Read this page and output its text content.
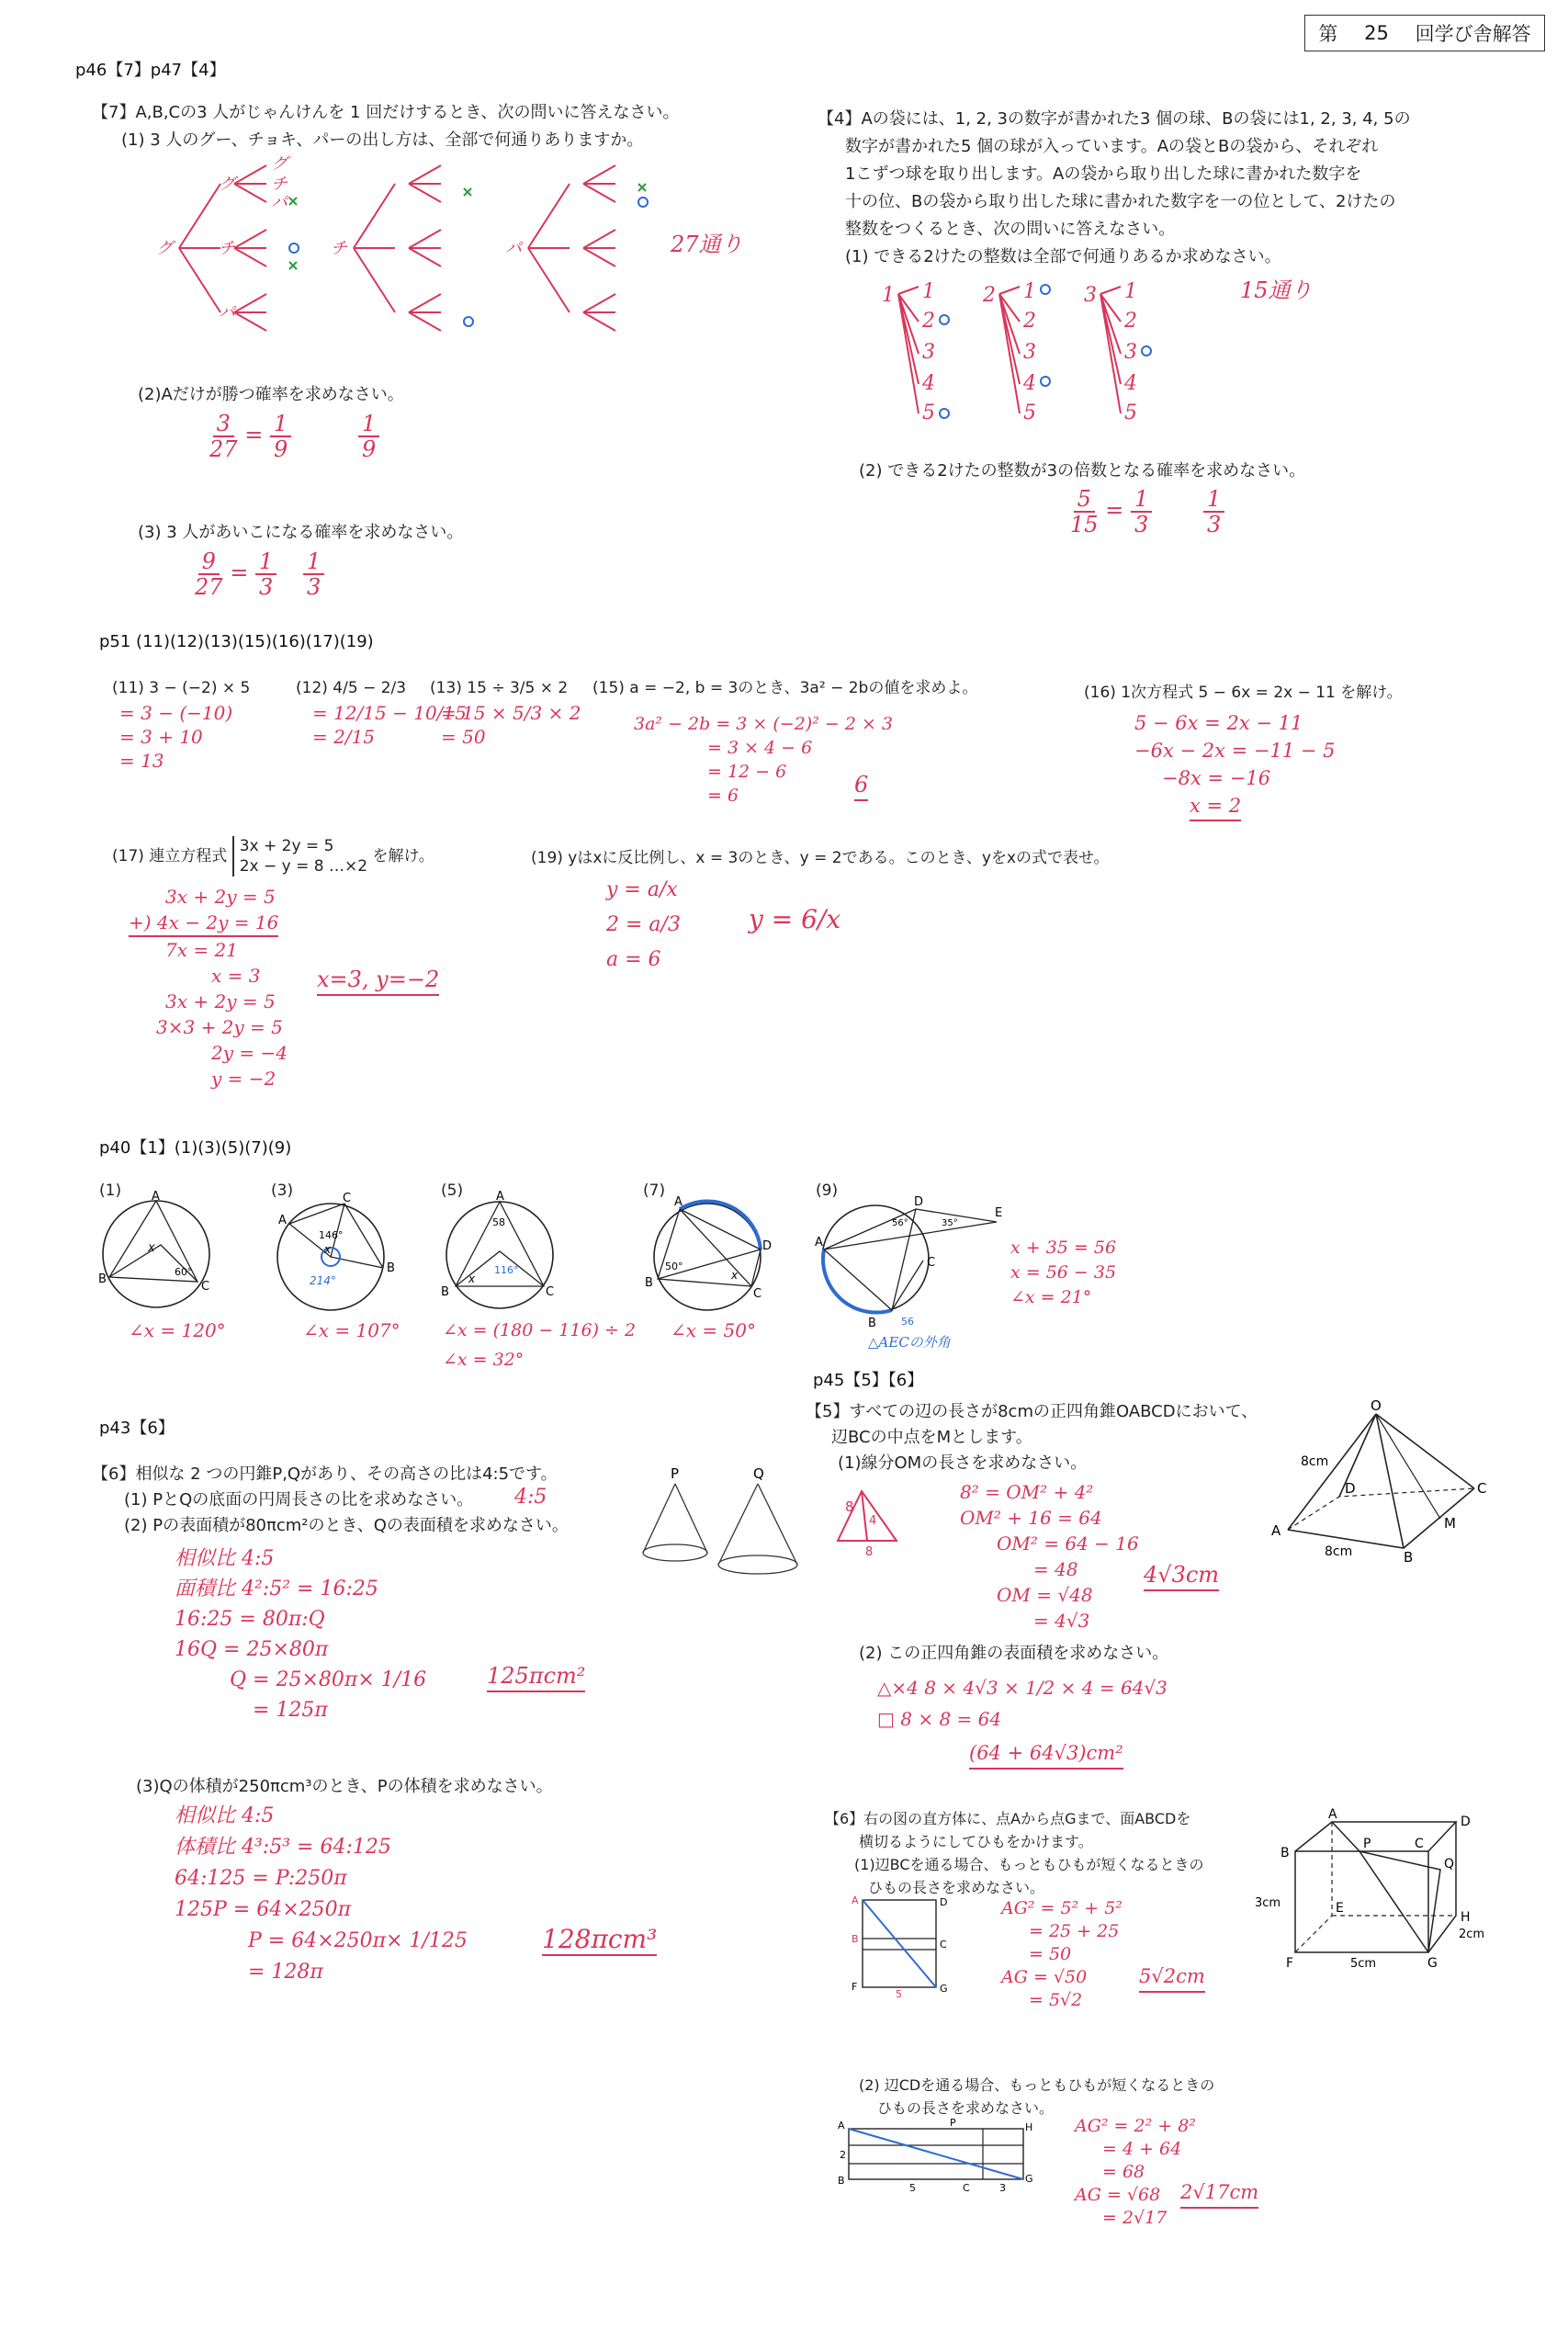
第 25 回学び舎解答
p46【7】p47【4】
【7】A,B,Cの3 人がじゃんけんを 1 回だけするとき、次の問いに答えなさい。
(1) 3 人のグー、チョキ、パーの出し方は、全部で何通りありますか。
グ	チ	パ
グ
チ
パ
グ
チ
パ
27通り
(2)Aだけが勝つ確率を求めなさい。
$\frac{3}{27} = \frac{1}{9}$	$\frac{1}{9}$
(3) 3 人があいこになる確率を求めなさい。
$\frac{9}{27} = \frac{1}{3} \frac{1}{3}$
【4】Aの袋には、1, 2, 3の数字が書かれた3 個の球、Bの袋には1, 2, 3, 4, 5の
数字が書かれた5 個の球が入っています。Aの袋とBの袋から、それぞれ
1こずつ球を取り出します。Aの袋から取り出した球に書かれた数字を
十の位、Bの袋から取り出した球に書かれた数字を一の位として、2けたの
整数をつくるとき、次の問いに答えなさい。
(1) できる2けたの整数は全部で何通りあるか求めなさい。
1	2	3
1
2
3
4
5
1
2
3
4
5
1
2
3
4
5
15通り
(2) できる2けたの整数が3の倍数となる確率を求めなさい。
$\frac{5}{15} = \frac{1}{3} \frac{1}{3}$
p51 (11)(12)(13)(15)(16)(17)(19)
(11) 3 − (−2) × 5
= 3 − (−10)
= 3 + 10
= 13
(12) 4/5 − 2/3
= 12/15 − 10/15
= 2/15
(13) 15 ÷ 3/5 × 2
= 15 × 5/3 × 2
= 50
(15) a = −2, b = 3のとき、3a² − 2bの値を求めよ。
3a² − 2b = 3 × (−2)² − 2 × 3
= 3 × 4 − 6
= 12 − 6
= 6	6
(16) 1次方程式 5 − 6x = 2x − 11 を解け。
5 − 6x = 2x − 11
−6x − 2x = −11 − 5
−8x = −16
x = 2
(17) 連立方程式
3x + 2y = 5
2x − y = 8 …×2
を解け。
3x + 2y = 5
+) 4x − 2y = 16
7x = 21
x = 3
3x + 2y = 5
3×3 + 2y = 5
2y = −4
y = −2
x=3, y=−2
(19) yはxに反比例し、x = 3のとき、y = 2である。このとき、yをxの式で表せ。
y = a/x
2 = a/3
a = 6
y = 6/x
p40【1】(1)(3)(5)(7)(9)
(1)	A
B
C
60°
x
∠x = 120°
(3)
A
B
C
146°
x
214°
∠x = 107°
(5)	A
B	C
58
116°
x
∠x = (180 − 116) ÷ 2
∠x = 32°
(7)
A
B
C
D
50°
x
∠x = 50°
(9)
A
B
C
D
E
56°	35°
56
△AECの外角
x + 35 = 56
x = 56 − 35
∠x = 21°
p43【6】
【6】相似な 2 つの円錐P,Qがあり、その高さの比は4:5です。
(1) PとQの底面の円周長さの比を求めなさい。 4:5
(2) Pの表面積が80πcm²のとき、Qの表面積を求めなさい。
P	Q
相似比 4:5
面積比 4²:5² = 16:25
16:25 = 80π:Q
16Q = 25×80π
Q = 25×80π× 1/16
= 125π
125πcm²
(3)Qの体積が250πcm³のとき、Pの体積を求めなさい。
相似比 4:5
体積比 4³:5³ = 64:125
64:125 = P:250π
125P = 64×250π
P = 64×250π× 1/125
= 128π
128πcm³
p45【5】【6】
【5】すべての辺の長さが8cmの正四角錐OABCDにおいて、
辺BCの中点をMとします。
(1)線分OMの長さを求めなさい。
O
A
B
C
D
M
8cm
8cm
8
4
8
8² = OM² + 4²
OM² + 16 = 64
OM² = 64 − 16
= 48
OM = √48
= 4√3
4√3cm
(2) この正四角錐の表面積を求めなさい。
△×4 8 × 4√3 × 1/2 × 4 = 64√3
□ 8 × 8 = 64
(64 + 64√3)cm²
【6】右の図の直方体に、点Aから点Gまで、面ABCDを
横切るようにしてひもをかけます。
(1)辺BCを通る場合、もっともひもが短くなるときの
ひもの長さを求めなさい。
A
B
C
D
E
F	G
H
P
Q
3cm
5cm
2cm
A
B	C
D
F	G
5
AG² = 5² + 5²
= 25 + 25
= 50
AG = √50
= 5√2
5√2cm
(2) 辺CDを通る場合、もっともひもが短くなるときの
ひもの長さを求めなさい。
A
B
C
G
H
P
2
5	3
AG² = 2² + 8²
= 4 + 64
= 68
AG = √68
= 2√17
2√17cm
